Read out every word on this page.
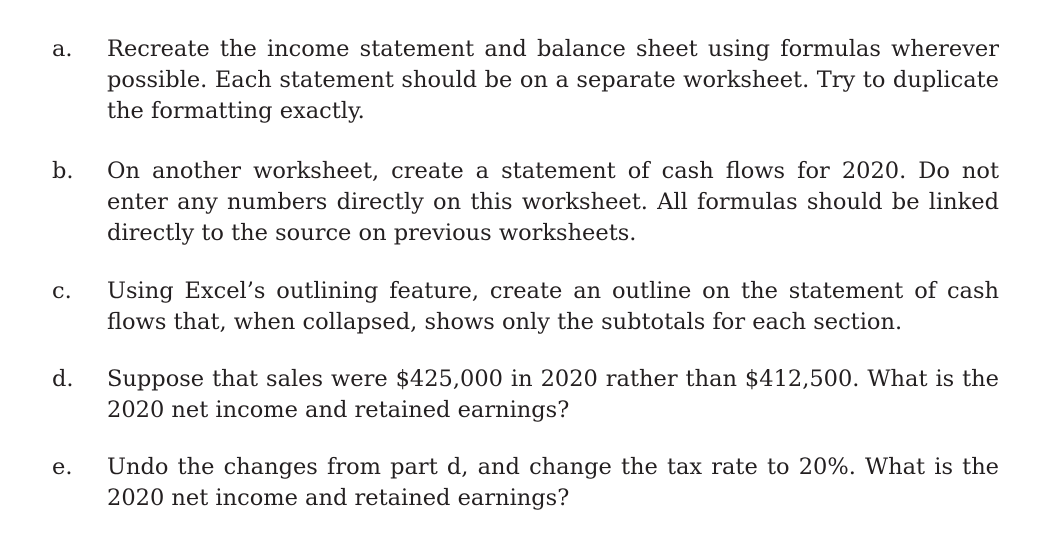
a. Recreate the income statement and balance sheet using formulas wherever
possible. Each statement should be on a separate worksheet. Try to duplicate
the formatting exactly.
b. On another worksheet, create a statement of cash flows for 2020. Do not
enter any numbers directly on this worksheet. All formulas should be linked
directly to the source on previous worksheets.
c. Using Excel’s outlining feature, create an outline on the statement of cash
flows that, when collapsed, shows only the subtotals for each section.
d. Suppose that sales were $425,000 in 2020 rather than $412,500. What is the
2020 net income and retained earnings?
e. Undo the changes from part d, and change the tax rate to 20%. What is the
2020 net income and retained earnings?
